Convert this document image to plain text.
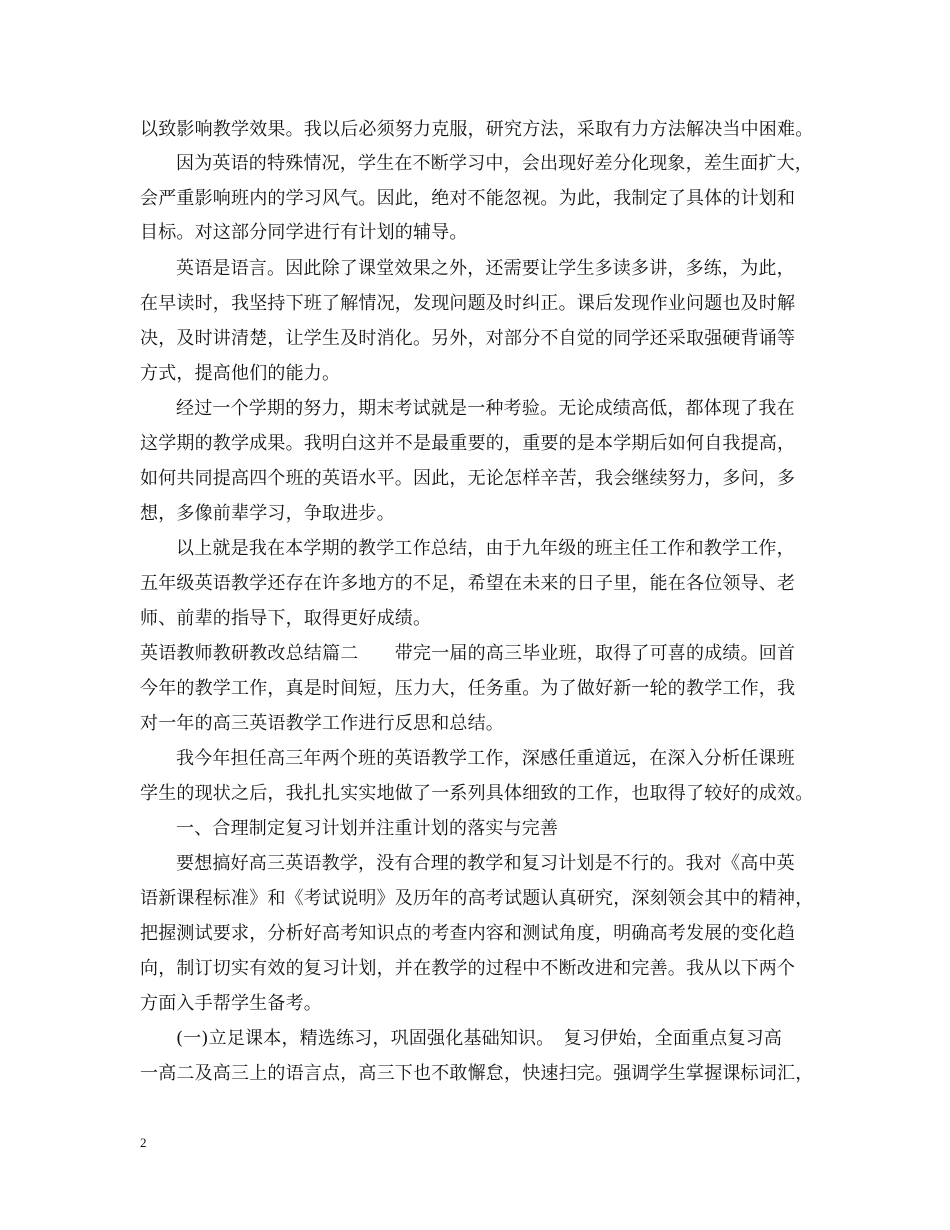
以致影响教学效果。我以后必须努力克服，研究方法，采取有力方法解决当中困难。
因为英语的特殊情况，学生在不断学习中，会出现好差分化现象，差生面扩大，
会严重影响班内的学习风气。因此，绝对不能忽视。为此，我制定了具体的计划和
目标。对这部分同学进行有计划的辅导。
英语是语言。因此除了课堂效果之外，还需要让学生多读多讲，多练，为此，
在早读时，我坚持下班了解情况，发现问题及时纠正。课后发现作业问题也及时解
决，及时讲清楚，让学生及时消化。另外，对部分不自觉的同学还采取强硬背诵等
方式，提高他们的能力。
经过一个学期的努力，期末考试就是一种考验。无论成绩高低，都体现了我在
这学期的教学成果。我明白这并不是最重要的，重要的是本学期后如何自我提高，
如何共同提高四个班的英语水平。因此，无论怎样辛苦，我会继续努力，多问，多
想，多像前辈学习，争取进步。
以上就是我在本学期的教学工作总结，由于九年级的班主任工作和教学工作，
五年级英语教学还存在许多地方的不足，希望在未来的日子里，能在各位领导、老
师、前辈的指导下，取得更好成绩。
英语教师教研教改总结篇二　　带完一届的高三毕业班，取得了可喜的成绩。回首
今年的教学工作，真是时间短，压力大，任务重。为了做好新一轮的教学工作，我
对一年的高三英语教学工作进行反思和总结。
我今年担任高三年两个班的英语教学工作，深感任重道远，在深入分析任课班
学生的现状之后，我扎扎实实地做了一系列具体细致的工作，也取得了较好的成效。
一、合理制定复习计划并注重计划的落实与完善
要想搞好高三英语教学，没有合理的教学和复习计划是不行的。我对《高中英
语新课程标准》和《考试说明》及历年的高考试题认真研究，深刻领会其中的精神，
把握测试要求，分析好高考知识点的考查内容和测试角度，明确高考发展的变化趋
向，制订切实有效的复习计划，并在教学的过程中不断改进和完善。我从以下两个
方面入手帮学生备考。
(一)立足课本，精选练习，巩固强化基础知识。　复习伊始，全面重点复习高
一高二及高三上的语言点，高三下也不敢懈怠，快速扫完。强调学生掌握课标词汇，
2
